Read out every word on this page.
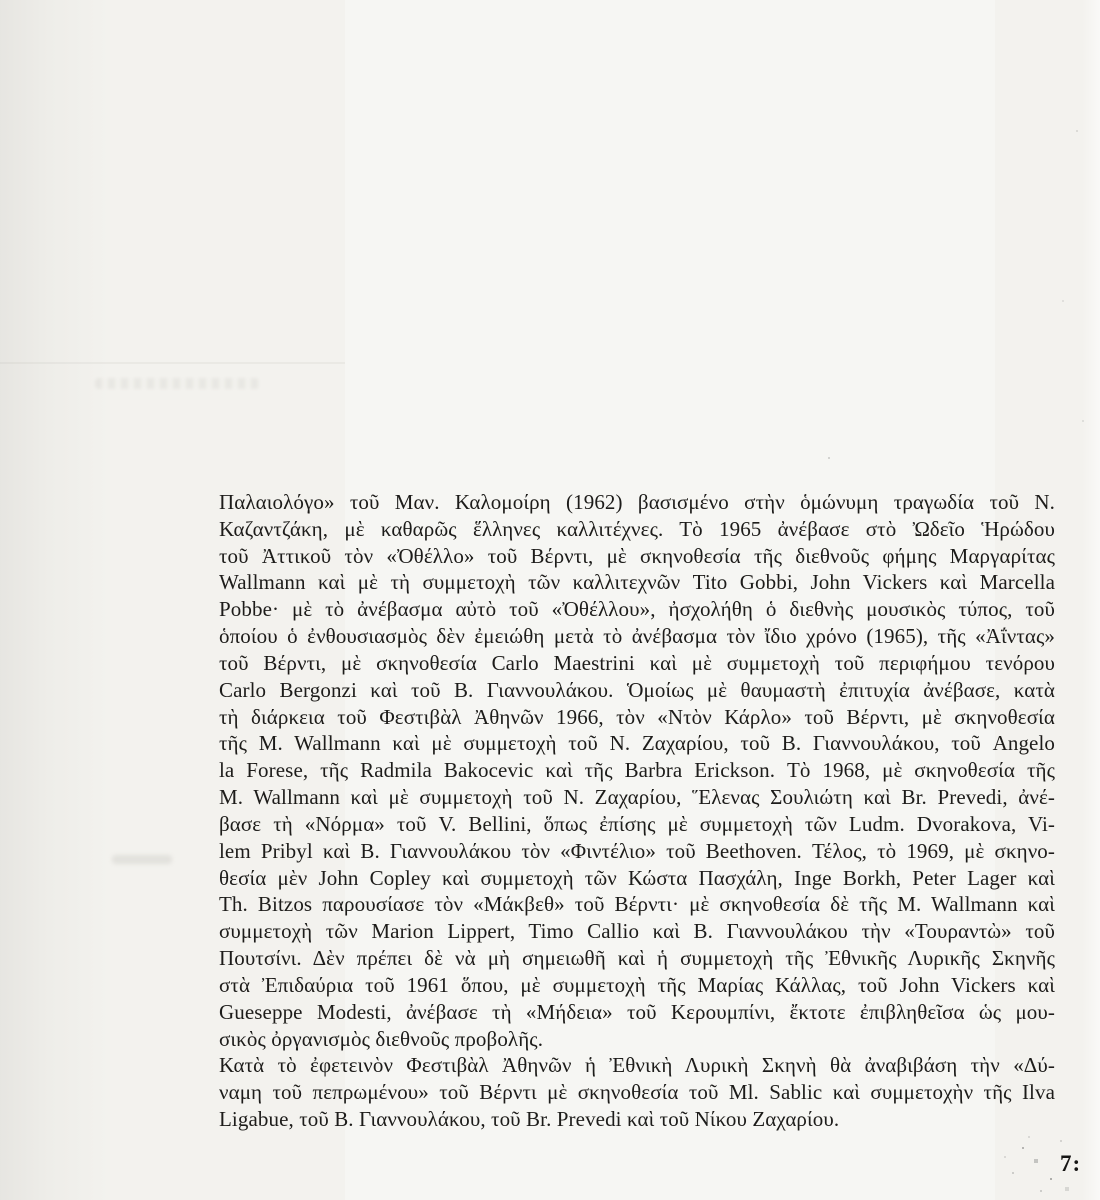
Παλαιολόγο» τοῦ Μαν. Καλομοίρη (1962) βασισμένο στὴν ὁμώνυμη τραγωδία τοῦ Ν.
Καζαντζάκη, μὲ καθαρῶς ἕλληνες καλλιτέχνες. Τὸ 1965 ἀνέβασε στὸ Ὠδεῖο Ἡρώδου
τοῦ Ἀττικοῦ τὸν «Ὀθέλλο» τοῦ Βέρντι, μὲ σκηνοθεσία τῆς διεθνοῦς φήμης Μαργαρίτας
Wallmann καὶ μὲ τὴ συμμετοχὴ τῶν καλλιτεχνῶν Tito Gobbi, John Vickers καὶ Marcella
Pobbe· μὲ τὸ ἀνέβασμα αὐτὸ τοῦ «Ὀθέλλου», ἠσχολήθη ὁ διεθνὴς μουσικὸς τύπος, τοῦ
ὁποίου ὁ ἐνθουσιασμὸς δὲν ἐμειώθη μετὰ τὸ ἀνέβασμα τὸν ἴδιο χρόνο (1965), τῆς «Ἀΐντας»
τοῦ Βέρντι, μὲ σκηνοθεσία Carlo Maestrini καὶ μὲ συμμετοχὴ τοῦ περιφήμου τενόρου
Carlo Bergonzi καὶ τοῦ Β. Γιαννουλάκου. Ὁμοίως μὲ θαυμαστὴ ἐπιτυχία ἀνέβασε, κατὰ
τὴ διάρκεια τοῦ Φεστιβὰλ Ἀθηνῶν 1966, τὸν «Ντὸν Κάρλο» τοῦ Βέρντι, μὲ σκηνοθεσία
τῆς M. Wallmann καὶ μὲ συμμετοχὴ τοῦ Ν. Ζαχαρίου, τοῦ Β. Γιαννουλάκου, τοῦ Angelo
la Forese, τῆς Radmila Bakocevic καὶ τῆς Barbra Erickson. Τὸ 1968, μὲ σκηνοθεσία τῆς
M. Wallmann καὶ μὲ συμμετοχὴ τοῦ Ν. Ζαχαρίου, Ἕλενας Σουλιώτη καὶ Br. Prevedi, ἀνέ-
βασε τὴ «Νόρμα» τοῦ V. Bellini, ὅπως ἐπίσης μὲ συμμετοχὴ τῶν Ludm. Dvorakova, Vi-
lem Pribyl καὶ Β. Γιαννουλάκου τὸν «Φιντέλιο» τοῦ Beethoven. Τέλος, τὸ 1969, μὲ σκηνο-
θεσία μὲν John Copley καὶ συμμετοχὴ τῶν Κώστα Πασχάλη, Inge Borkh, Peter Lager καὶ
Th. Bitzos παρουσίασε τὸν «Μάκβεθ» τοῦ Βέρντι· μὲ σκηνοθεσία δὲ τῆς M. Wallmann καὶ
συμμετοχὴ τῶν Marion Lippert, Timo Callio καὶ Β. Γιαννουλάκου τὴν «Τουραντὼ» τοῦ
Πουτσίνι. Δὲν πρέπει δὲ νὰ μὴ σημειωθῆ καὶ ἡ συμμετοχὴ τῆς Ἐθνικῆς Λυρικῆς Σκηνῆς
στὰ Ἐπιδαύρια τοῦ 1961 ὅπου, μὲ συμμετοχὴ τῆς Μαρίας Κάλλας, τοῦ John Vickers καὶ
Gueseppe Modesti, ἀνέβασε τὴ «Μήδεια» τοῦ Κερουμπίνι, ἔκτοτε ἐπιβληθεῖσα ὡς μου-
σικὸς ὀργανισμὸς διεθνοῦς προβολῆς.
Κατὰ τὸ ἐφετεινὸν Φεστιβὰλ Ἀθηνῶν ἡ Ἐθνικὴ Λυρικὴ Σκηνὴ θὰ ἀναβιβάση τὴν «Δύ-
ναμη τοῦ πεπρωμένου» τοῦ Βέρντι μὲ σκηνοθεσία τοῦ Ml. Sablic καὶ συμμετοχὴν τῆς Ilva
Ligabue, τοῦ Β. Γιαννουλάκου, τοῦ Br. Prevedi καὶ τοῦ Νίκου Ζαχαρίου.
7:
